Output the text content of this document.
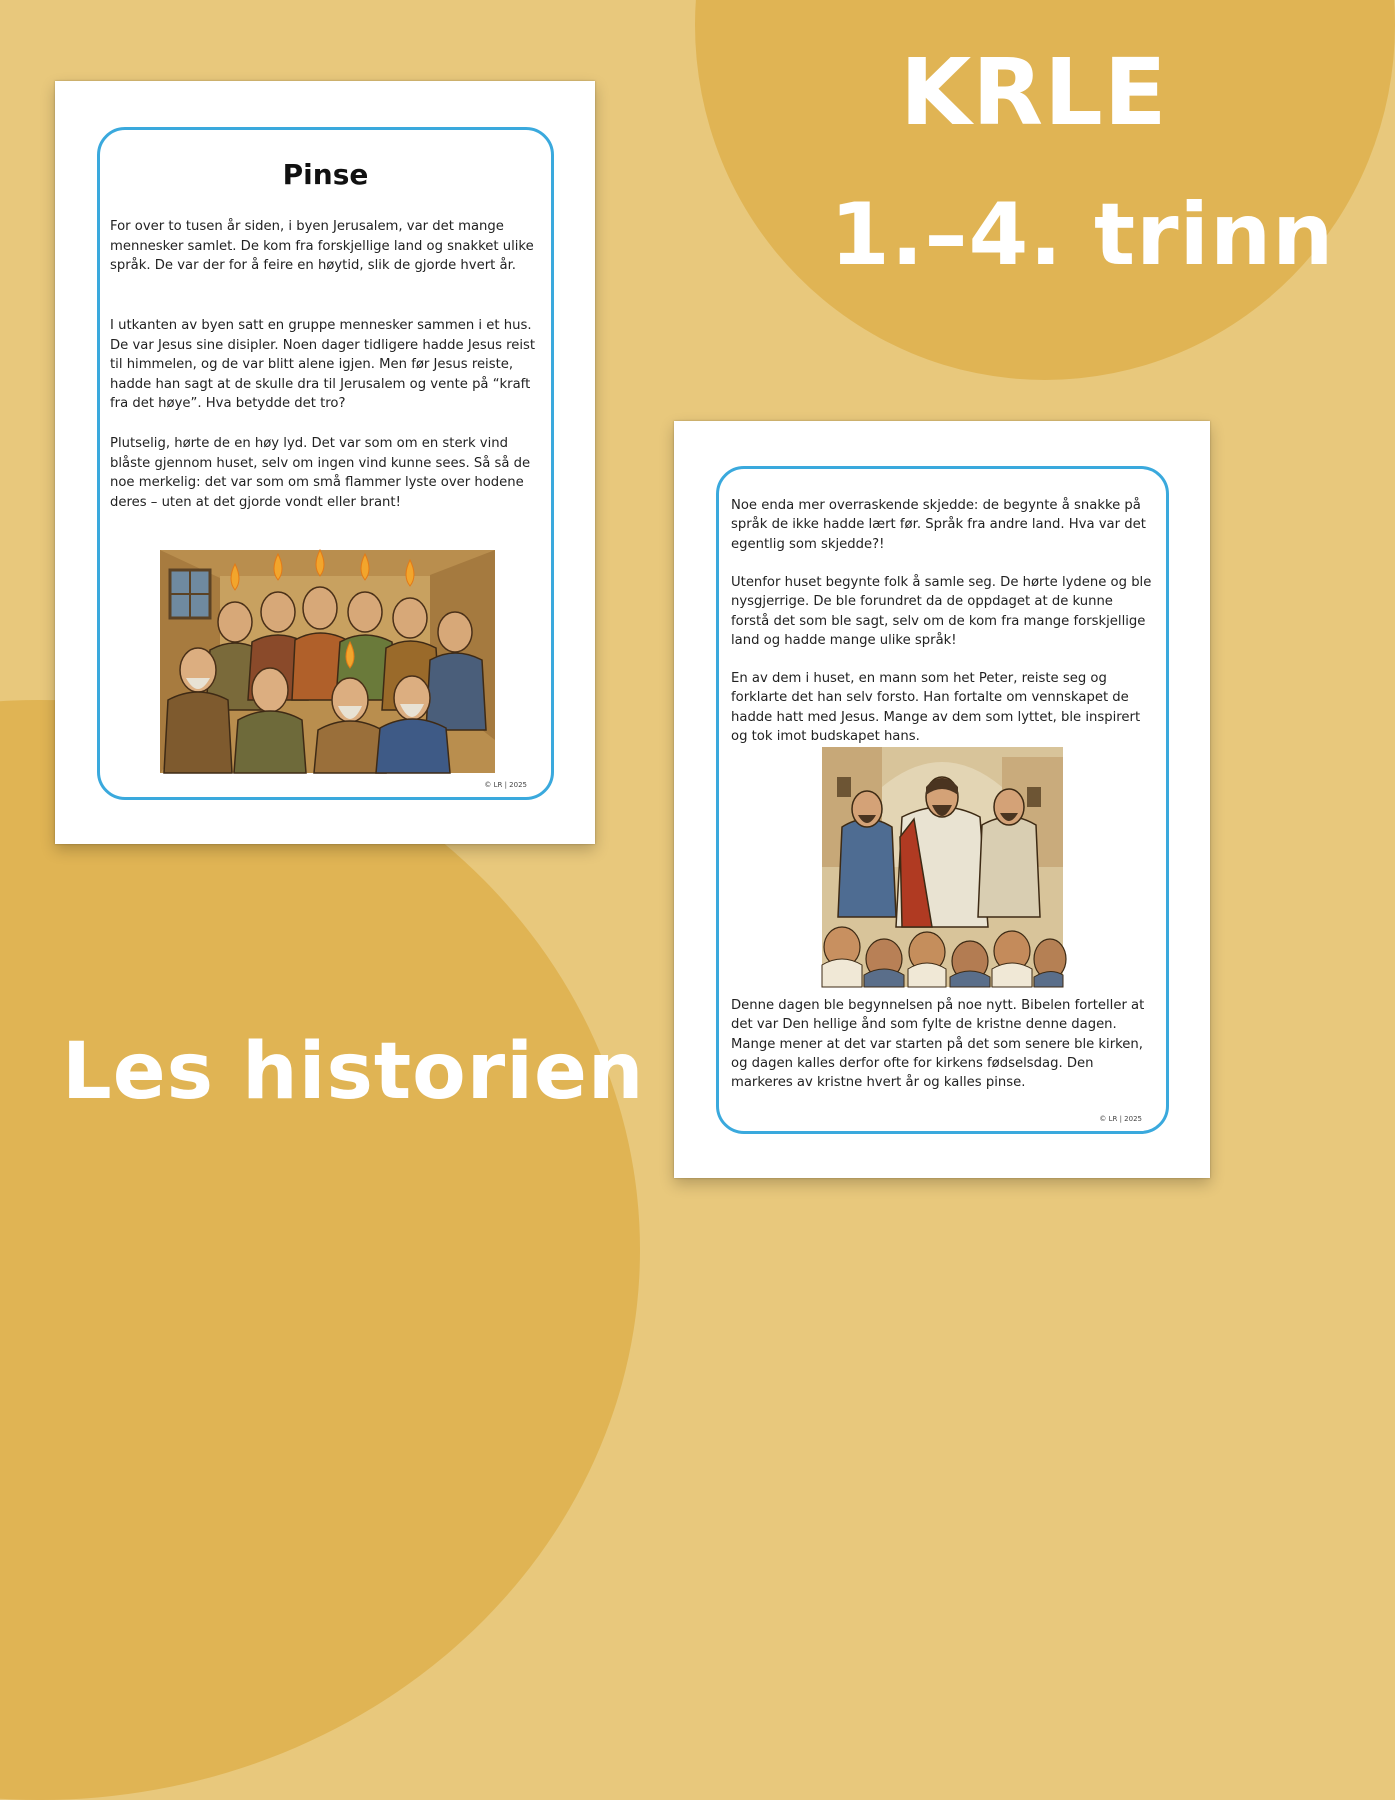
KRLE
1.–4. trinn
Les historien
Pinse

For over to tusen år siden, i byen Jerusalem, var det mange mennesker samlet. De kom fra forskjellige land og snakket ulike språk. De var der for å feire en høytid, slik de gjorde hvert år.

I utkanten av byen satt en gruppe mennesker sammen i et hus. De var Jesus sine disipler. Noen dager tidligere hadde Jesus reist til himmelen, og de var blitt alene igjen. Men før Jesus reiste, hadde han sagt at de skulle dra til Jerusalem og vente på “kraft fra det høye”. Hva betydde det tro?

Plutselig, hørte de en høy lyd. Det var som om en sterk vind blåste gjennom huset, selv om ingen vind kunne sees. Så så de noe merkelig: det var som om små flammer lyste over hodene deres – uten at det gjorde vondt eller brant!

© LR | 2025

Noe enda mer overraskende skjedde: de begynte å snakke på språk de ikke hadde lært før. Språk fra andre land. Hva var det egentlig som skjedde?!

Utenfor huset begynte folk å samle seg. De hørte lydene og ble nysgjerrige. De ble forundret da de oppdaget at de kunne forstå det som ble sagt, selv om de kom fra mange forskjellige land og hadde mange ulike språk!

En av dem i huset, en mann som het Peter, reiste seg og forklarte det han selv forsto. Han fortalte om vennskapet de hadde hatt med Jesus. Mange av dem som lyttet, ble inspirert og tok imot budskapet hans.

Denne dagen ble begynnelsen på noe nytt. Bibelen forteller at det var Den hellige ånd som fylte de kristne denne dagen. Mange mener at det var starten på det som senere ble kirken, og dagen kalles derfor ofte for kirkens fødselsdag. Den markeres av kristne hvert år og kalles pinse.

© LR | 2025
